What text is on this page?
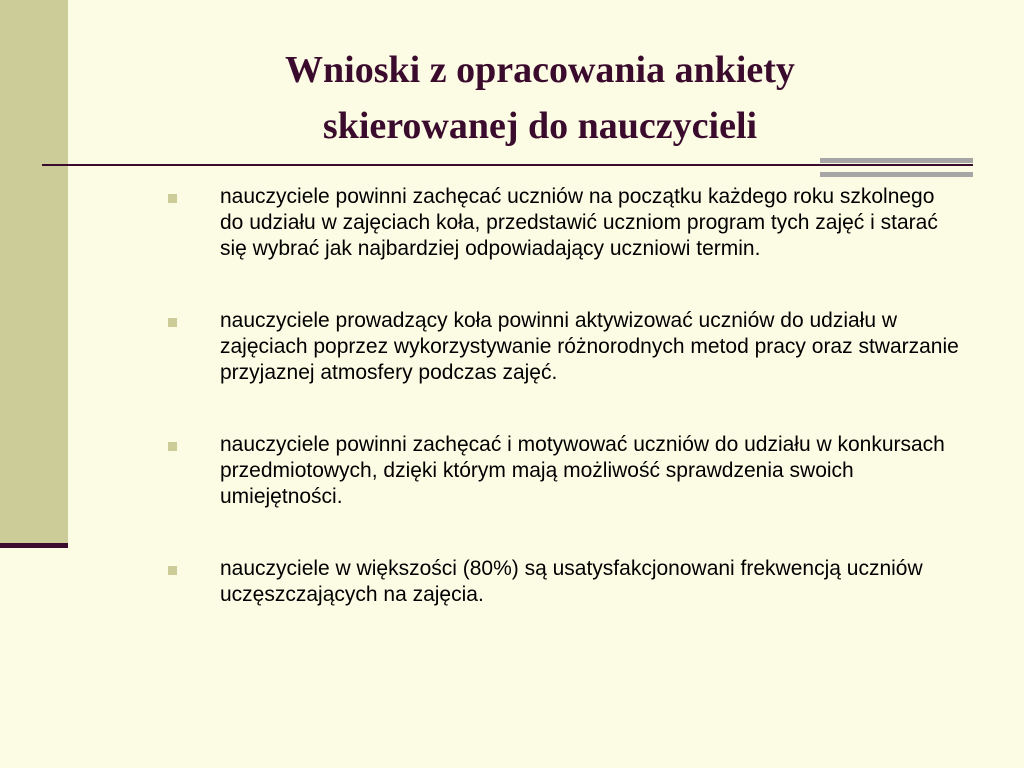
Wnioski z opracowania ankiety
skierowanej do nauczycieli
nauczyciele powinni zachęcać uczniów na początku każdego roku szkolnego do udziału w zajęciach koła, przedstawić uczniom program tych zajęć i starać się wybrać jak najbardziej odpowiadający uczniowi termin.
nauczyciele prowadzący koła powinni aktywizować uczniów do udziału w zajęciach poprzez wykorzystywanie różnorodnych metod pracy oraz stwarzanie przyjaznej atmosfery podczas zajęć.
nauczyciele powinni zachęcać i motywować uczniów do udziału w konkursach przedmiotowych, dzięki którym mają możliwość sprawdzenia swoich umiejętności.
nauczyciele w większości (80%) są usatysfakcjonowani frekwencją uczniów uczęszczających na zajęcia.
